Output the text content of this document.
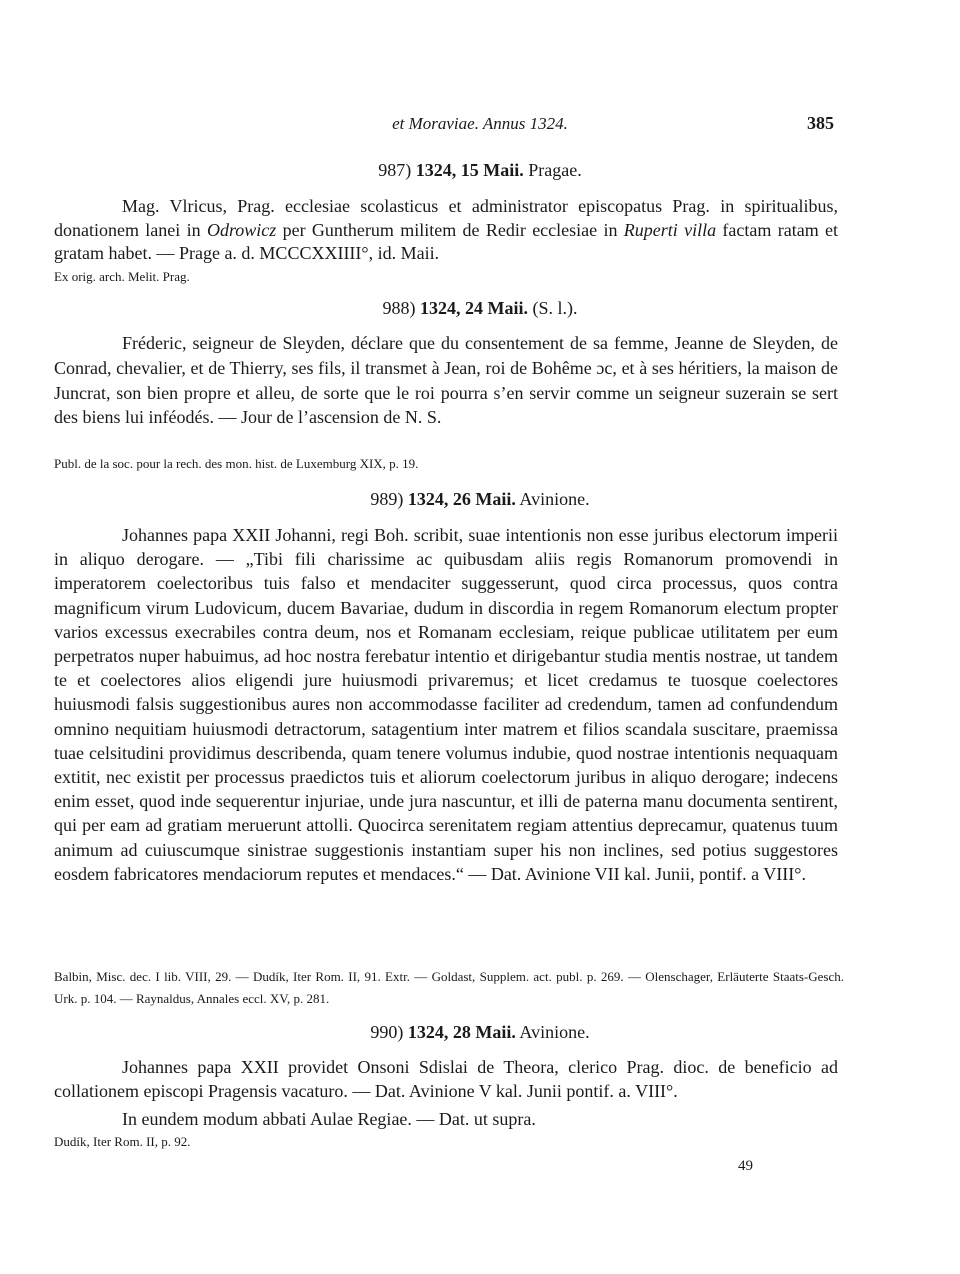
et Moraviae. Annus 1324.	385
987) 1324, 15 Maii. Pragae.
Mag. Vlricus, Prag. ecclesiae scolasticus et administrator episcopatus Prag. in spiritualibus, donationem lanei in Odrowicz per Guntherum militem de Redir ecclesiae in Ruperti villa factam ratam et gratam habet. — Prage a. d. MCCCXXIIII°, id. Maii.
Ex orig. arch. Melit. Prag.
988) 1324, 24 Maii. (S. l.).
Fréderic, seigneur de Sleyden, déclare que du consentement de sa femme, Jeanne de Sleyden, de Conrad, chevalier, et de Thierry, ses fils, il transmet à Jean, roi de Bohême ɔc, et à ses héritiers, la maison de Juncrat, son bien propre et alleu, de sorte que le roi pourra s’en servir comme un seigneur suzerain se sert des biens lui inféodés. — Jour de l’ascension de N. S.
Publ. de la soc. pour la rech. des mon. hist. de Luxemburg XIX, p. 19.
989) 1324, 26 Maii. Avinione.
Johannes papa XXII Johanni, regi Boh. scribit, suae intentionis non esse juribus electorum imperii in aliquo derogare. — „Tibi fili charissime ac quibusdam aliis regis Romanorum promovendi in imperatorem coelectoribus tuis falso et mendaciter suggesserunt, quod circa processus, quos contra magnificum virum Ludovicum, ducem Bavariae, dudum in discordia in regem Romanorum electum propter varios excessus execrabiles contra deum, nos et Romanam ecclesiam, reique publicae utilitatem per eum perpetratos nuper habuimus, ad hoc nostra ferebatur intentio et dirigebantur studia mentis nostrae, ut tandem te et coelectores alios eligendi jure huiusmodi privaremus; et licet credamus te tuosque coelectores huiusmodi falsis suggestionibus aures non accommodasse faciliter ad credendum, tamen ad confundendum omnino nequitiam huiusmodi detractorum, satagentium inter matrem et filios scandala suscitare, praemissa tuae celsitudini providimus describenda, quam tenere volumus indubie, quod nostrae intentionis nequaquam extitit, nec existit per processus praedictos tuis et aliorum coelectorum juribus in aliquo derogare; indecens enim esset, quod inde sequerentur injuriae, unde jura nascuntur, et illi de paterna manu documenta sentirent, qui per eam ad gratiam meruerunt attolli. Quocirca serenitatem regiam attentius deprecamur, quatenus tuum animum ad cuiuscumque sinistrae suggestionis instantiam super his non inclines, sed potius suggestores eosdem fabricatores mendaciorum reputes et mendaces.“ — Dat. Avinione VII kal. Junii, pontif. a VIII°.
Balbin, Misc. dec. I lib. VIII, 29. — Dudík, Iter Rom. II, 91. Extr. — Goldast, Supplem. act. publ. p. 269. — Olenschager, Erläuterte Staats-Gesch. Urk. p. 104. — Raynaldus, Annales eccl. XV, p. 281.
990) 1324, 28 Maii. Avinione.
Johannes papa XXII providet Onsoni Sdislai de Theora, clerico Prag. dioc. de beneficio ad collationem episcopi Pragensis vacaturo. — Dat. Avinione V kal. Junii pontif. a. VIII°.
In eundem modum abbati Aulae Regiae. — Dat. ut supra.
Dudík, Iter Rom. II, p. 92.
49
